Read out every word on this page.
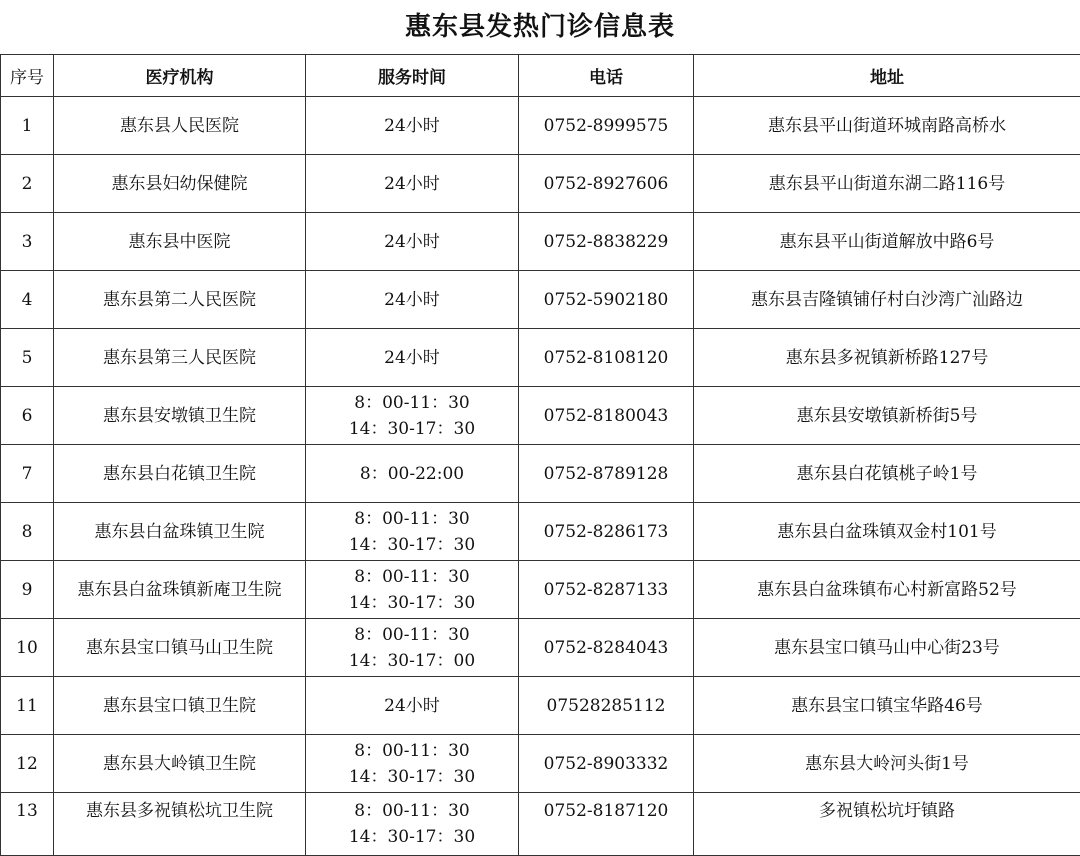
惠东县发热门诊信息表
序号	医疗机构	服务时间	电话	地址
1	惠东县人民医院	24小时	0752-8999575	惠东县平山街道环城南路高桥水
2	惠东县妇幼保健院	24小时	0752-8927606	惠东县平山街道东湖二路116号
3	惠东县中医院	24小时	0752-8838229	惠东县平山街道解放中路6号
4	惠东县第二人民医院	24小时	0752-5902180	惠东县吉隆镇铺仔村白沙湾广汕路边
5	惠东县第三人民医院	24小时	0752-8108120	惠东县多祝镇新桥路127号
6	惠东县安墩镇卫生院	8：00-11：30
14：30-17：30	0752-8180043	惠东县安墩镇新桥街5号
7	惠东县白花镇卫生院	8：00-22:00	0752-8789128	惠东县白花镇桃子岭1号
8	惠东县白盆珠镇卫生院	8：00-11：30
14：30-17：30	0752-8286173	惠东县白盆珠镇双金村101号
9	惠东县白盆珠镇新庵卫生院	8：00-11：30
14：30-17：30	0752-8287133	惠东县白盆珠镇布心村新富路52号
10	惠东县宝口镇马山卫生院	8：00-11：30
14：30-17：00	0752-8284043	惠东县宝口镇马山中心街23号
11	惠东县宝口镇卫生院	24小时	07528285112	惠东县宝口镇宝华路46号
12	惠东县大岭镇卫生院	8：00-11：30
14：30-17：30	0752-8903332	惠东县大岭河头街1号
13	惠东县多祝镇松坑卫生院	8：00-11：30
14：30-17：30	0752-8187120	多祝镇松坑圩镇路
